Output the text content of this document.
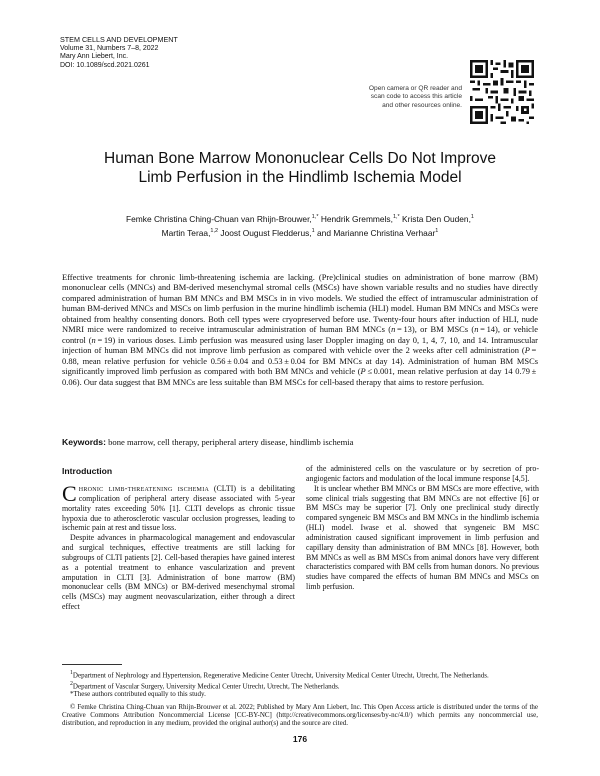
STEM CELLS AND DEVELOPMENT
Volume 31, Numbers 7–8, 2022
Mary Ann Liebert, Inc.
DOI: 10.1089/scd.2021.0261
Open camera or QR reader and
scan code to access this article
and other resources online.
Human Bone Marrow Mononuclear Cells Do Not Improve
Limb Perfusion in the Hindlimb Ischemia Model
Femke Christina Ching-Chuan van Rhijn-Brouwer,$^{1,*}$ Hendrik Gremmels,$^{1,*}$ Krista Den Ouden,$^1$
Martin Teraa,$^{1,2}$ Joost Ougust Fledderus,$^1$ and Marianne Christina Verhaar$^1$

Effective treatments for chronic limb-threatening ischemia are lacking. (Pre)clinical studies on administration of bone marrow (BM) mononuclear cells (MNCs) and BM-derived mesenchymal stromal cells (MSCs) have shown variable results and no studies have directly compared administration of human BM MNCs and BM MSCs in in vivo models. We studied the effect of intramuscular administration of human BM-derived MNCs and MSCs on limb perfusion in the murine hindlimb ischemia (HLI) model. Human BM MNCs and MSCs were obtained from healthy consenting donors. Both cell types were cryopreserved before use. Twenty-four hours after induction of HLI, nude NMRI mice were randomized to receive intramuscular administration of human BM MNCs (n = 13), or BM MSCs (n = 14), or vehicle control (n = 19) in various doses. Limb perfusion was measured using laser Doppler imaging on day 0, 1, 4, 7, 10, and 14. Intramuscular injection of human BM MNCs did not improve limb perfusion as compared with vehicle over the 2 weeks after cell administration (P = 0.88, mean relative perfusion for vehicle 0.56 ± 0.04 and 0.53 ± 0.04 for BM MNCs at day 14). Administration of human BM MSCs significantly improved limb perfusion as compared with both BM MNCs and vehicle (P ≤ 0.001, mean relative perfusion at day 14 0.79 ± 0.06). Our data suggest that BM MNCs are less suitable than BM MSCs for cell-based therapy that aims to restore perfusion.

Keywords: bone marrow, cell therapy, peripheral artery disease, hindlimb ischemia
Introduction

Chronic limb-threatening ischemia (CLTI) is a debilitating complication of peripheral artery disease associated with 5-year mortality rates exceeding 50% [1]. CLTI develops as chronic tissue hypoxia due to atherosclerotic vascular occlusion progresses, leading to ischemic pain at rest and tissue loss.

Despite advances in pharmacological management and endovascular and surgical techniques, effective treatments are still lacking for subgroups of CLTI patients [2]. Cell-based therapies have gained interest as a potential treatment to enhance vascularization and prevent amputation in CLTI [3]. Administration of bone marrow (BM) mononuclear cells (BM MNCs) or BM-derived mesenchymal stromal cells (MSCs) may augment neovascularization, either through a direct effect

of the administered cells on the vasculature or by secretion of pro-angiogenic factors and modulation of the local immune response [4,5].

It is unclear whether BM MNCs or BM MSCs are more effective, with some clinical trials suggesting that BM MNCs are not effective [6] or BM MSCs may be superior [7]. Only one preclinical study directly compared syngeneic BM MSCs and BM MNCs in the hindlimb ischemia (HLI) model. Iwase et al. showed that syngeneic BM MSC administration caused significant improvement in limb perfusion and capillary density than administration of BM MNCs [8]. However, both BM MNCs as well as BM MSCs from animal donors have very different characteristics compared with BM cells from human donors. No previous studies have compared the effects of human BM MNCs and MSCs on limb perfusion.

$^1$Department of Nephrology and Hypertension, Regenerative Medicine Center Utrecht, University Medical Center Utrecht, Utrecht, The Netherlands.

$^2$Department of Vascular Surgery, University Medical Center Utrecht, Utrecht, The Netherlands.

*These authors contributed equally to this study.

© Femke Christina Ching-Chuan van Rhijn-Brouwer et al. 2022; Published by Mary Ann Liebert, Inc. This Open Access article is distributed under the terms of the Creative Commons Attribution Noncommercial License [CC-BY-NC] (http://creativecommons.org/licenses/by-nc/4.0/) which permits any noncommercial use, distribution, and reproduction in any medium, provided the original author(s) and the source are cited.

176
